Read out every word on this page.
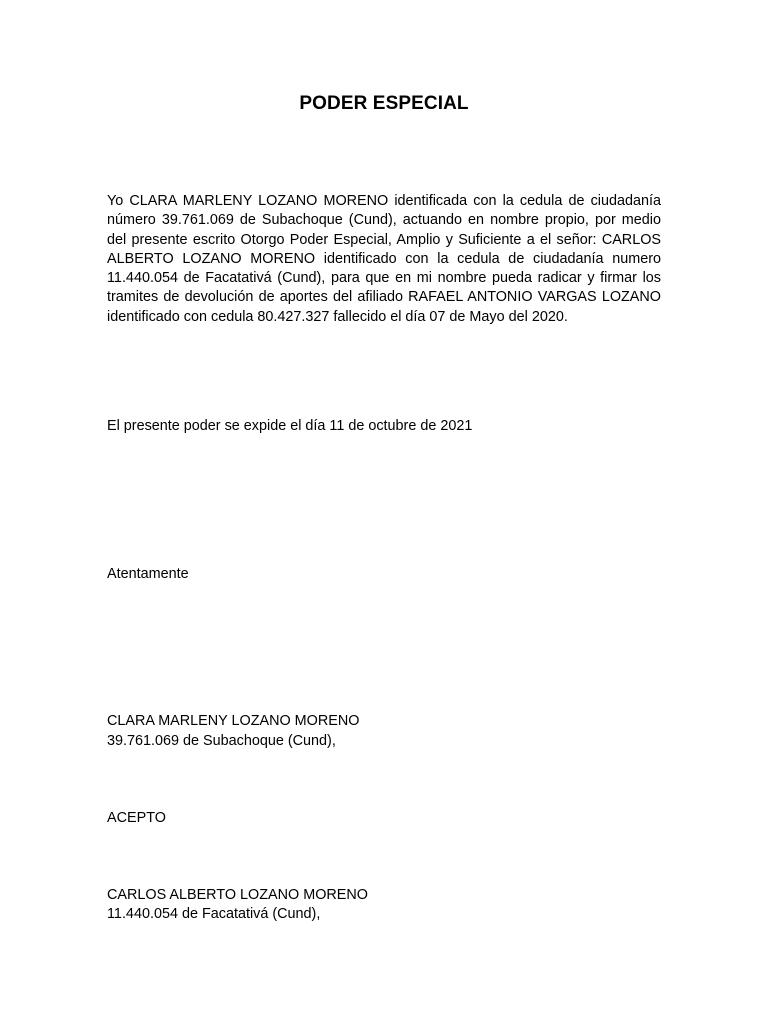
PODER ESPECIAL

Yo CLARA MARLENY LOZANO MORENO identificada con la cedula de ciudadanía número 39.761.069 de Subachoque (Cund), actuando en nombre propio, por medio del presente escrito Otorgo Poder Especial, Amplio y Suficiente a el señor: CARLOS ALBERTO LOZANO MORENO identificado con la cedula de ciudadanía numero 11.440.054 de Facatativá (Cund), para que en mi nombre pueda radicar y firmar los tramites de devolución de aportes del afiliado RAFAEL ANTONIO VARGAS LOZANO identificado con cedula 80.427.327 fallecido el día 07 de Mayo del 2020.

El presente poder se expide el día 11 de octubre de 2021

Atentamente

CLARA MARLENY LOZANO MORENO

39.761.069 de Subachoque (Cund),

ACEPTO

CARLOS ALBERTO LOZANO MORENO

11.440.054 de Facatativá (Cund),
